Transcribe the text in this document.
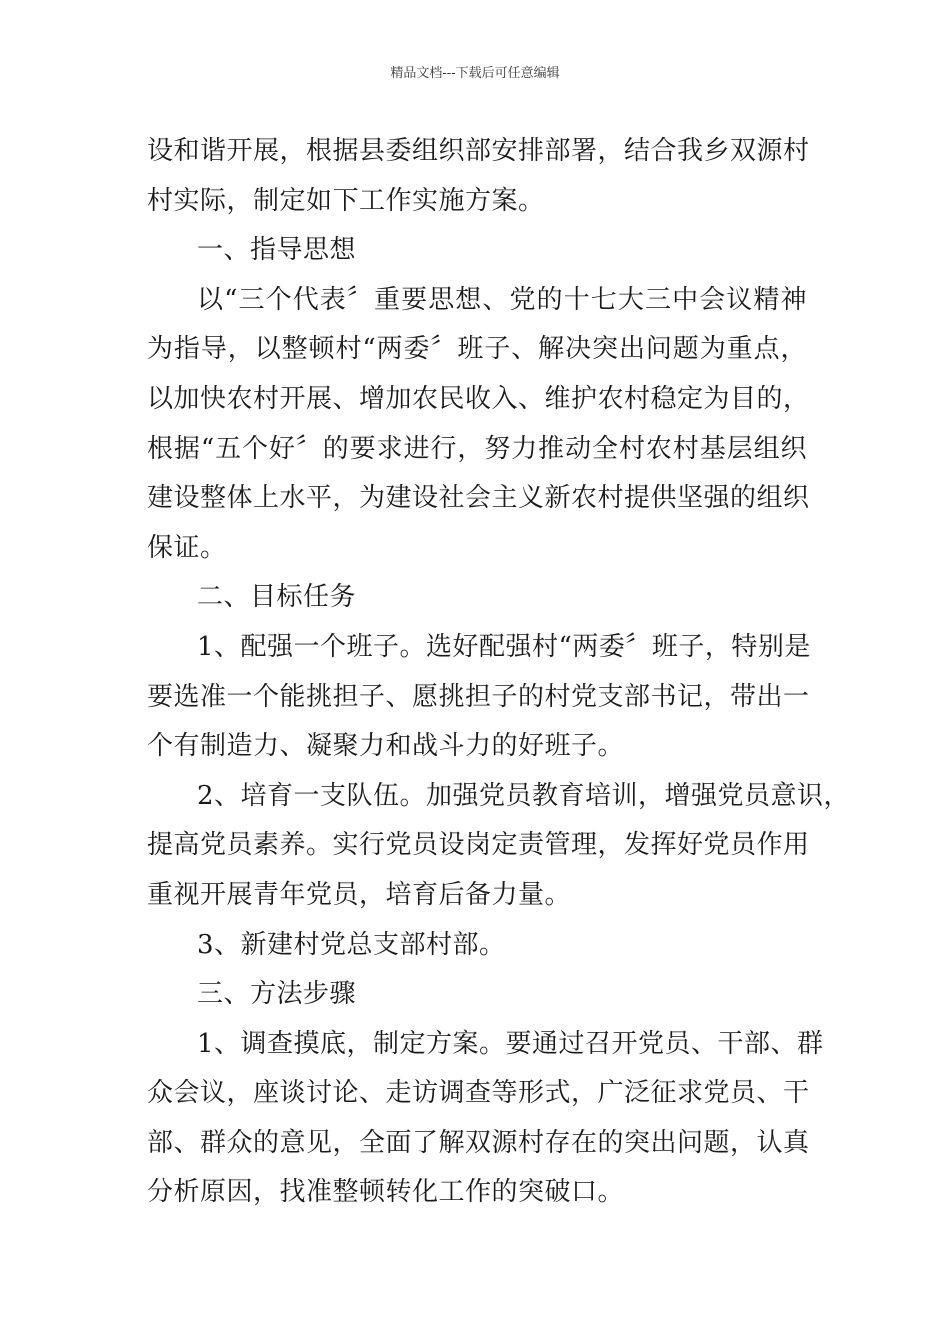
精品文档---下载后可任意编辑
设和谐开展，根据县委组织部安排部署，结合我乡双源村
村实际，制定如下工作实施方案。
一、指导思想
以“三个代表〞重要思想、党的十七大三中会议精神
为指导，以整顿村“两委〞班子、解决突出问题为重点，
以加快农村开展、增加农民收入、维护农村稳定为目的，
根据“五个好〞的要求进行，努力推动全村农村基层组织
建设整体上水平，为建设社会主义新农村提供坚强的组织
保证。
二、目标任务
1、配强一个班子。选好配强村“两委〞班子，特别是
要选准一个能挑担子、愿挑担子的村党支部书记，带出一
个有制造力、凝聚力和战斗力的好班子。
2、培育一支队伍。加强党员教育培训，增强党员意识，
提高党员素养。实行党员设岗定责管理，发挥好党员作用
重视开展青年党员，培育后备力量。
3、新建村党总支部村部。
三、方法步骤
1、调查摸底，制定方案。要通过召开党员、干部、群
众会议，座谈讨论、走访调查等形式，广泛征求党员、干
部、群众的意见，全面了解双源村存在的突出问题，认真
分析原因，找准整顿转化工作的突破口。
